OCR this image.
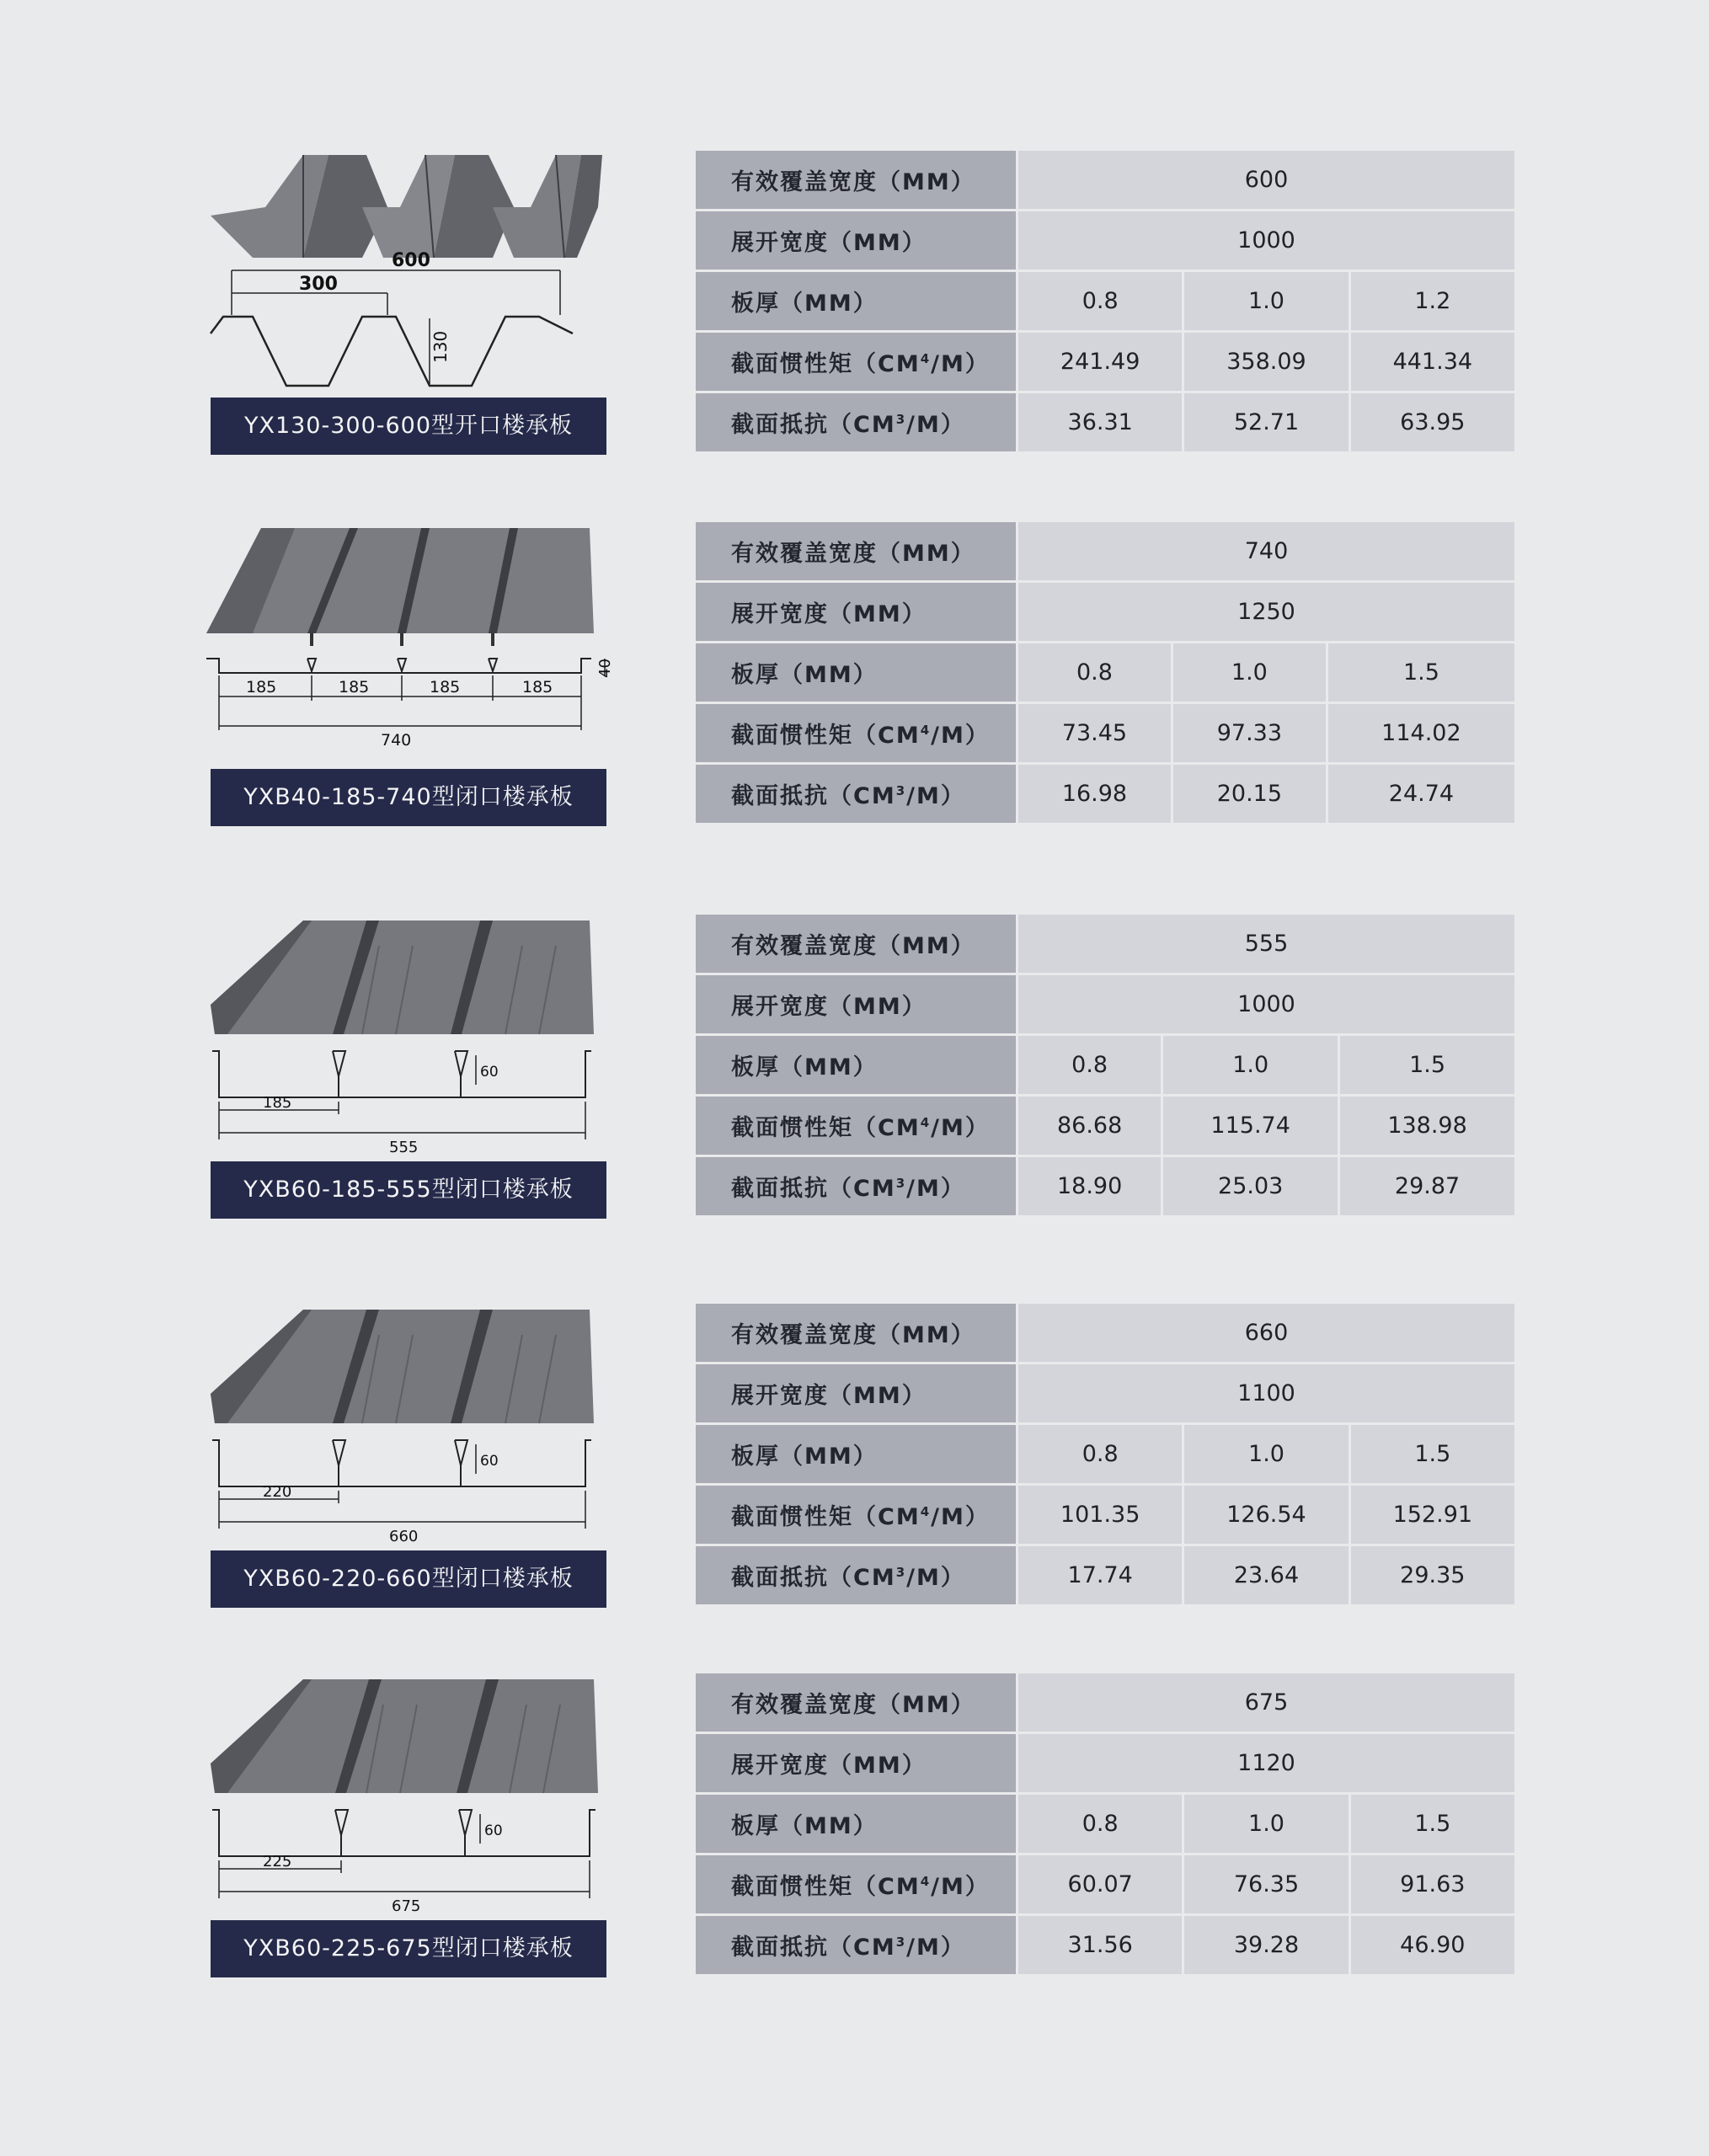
600
300
130
YX130-300-600型开口楼承板
有效覆盖宽度（MM）	600		
展开宽度（MM）	1000		
板厚（MM）	0.8	1.0	1.2
截面惯性矩$(CM^4/M)$	241.49	358.09	441.34
截面抵抗$(CM^3/M)$	36.31	52.71	63.95
185	185	185	185
740
40
YXB40-185-740型闭口楼承板
有效覆盖宽度（MM）	740		
展开宽度（MM）	1250		
板厚（MM）	0.8	1.0	1.5
截面惯性矩$(CM^4/M)$	73.45	97.33	114.02
截面抵抗$(CM^3/M)$	16.98	20.15	24.74
60
185
555
YXB60-185-555型闭口楼承板
有效覆盖宽度（MM）	555		
展开宽度（MM）	1000		
板厚（MM）	0.8	1.0	1.5
截面惯性矩$(CM^4/M)$	86.68	115.74	138.98
截面抵抗$(CM^3/M)$	18.90	25.03	29.87
60
220
660
YXB60-220-660型闭口楼承板
有效覆盖宽度（MM）	660		
展开宽度（MM）	1100		
板厚（MM）	0.8	1.0	1.5
截面惯性矩$(CM^4/M)$	101.35	126.54	152.91
截面抵抗$(CM^3/M)$	17.74	23.64	29.35
60
225
675
YXB60-225-675型闭口楼承板
有效覆盖宽度（MM）	675		
展开宽度（MM）	1120		
板厚（MM）	0.8	1.0	1.5
截面惯性矩$(CM^4/M)$	60.07	76.35	91.63
截面抵抗$(CM^3/M)$	31.56	39.28	46.90
